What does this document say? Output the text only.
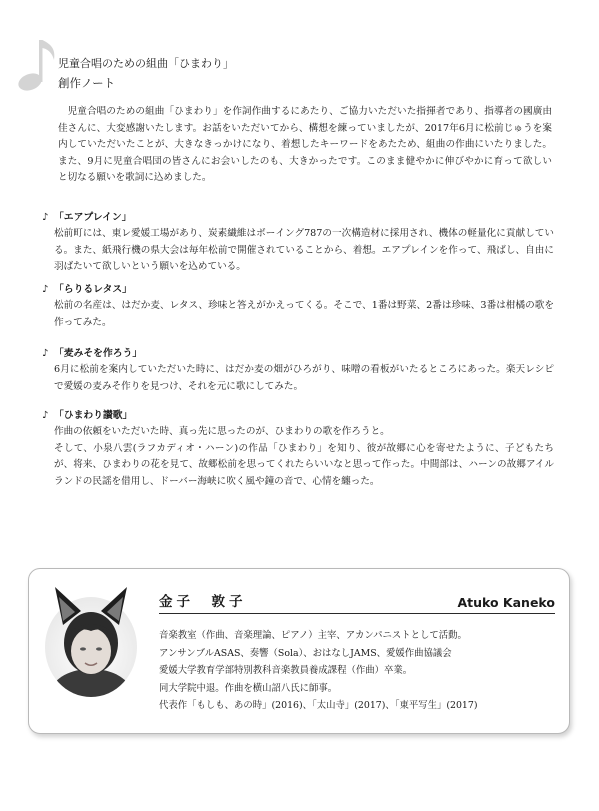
児童合唱のための組曲「ひまわり」
創作ノート
児童合唱のための組曲「ひまわり」を作詞作曲するにあたり、ご協力いただいた指揮者であり、指導者の國廣由佳さんに、大変感謝いたします。お話をいただいてから、構想を練っていましたが、2017年6月に松前じゅうを案内していただいたことが、大きなきっかけになり、着想したキーワードをあたため、組曲の作曲にいたりました。また、9月に児童合唱団の皆さんにお会いしたのも、大きかったです。このまま健やかに伸びやかに育って欲しいと切なる願いを歌詞に込めました。
♪ 「エアプレイン」

松前町には、東レ愛媛工場があり、炭素繊維はボーイング787の一次構造材に採用され、機体の軽量化に貢献している。また、紙飛行機の県大会は毎年松前で開催されていることから、着想。エアプレインを作って、飛ばし、自由に羽ばたいて欲しいという願いを込めている。

♪ 「らりるレタス」

松前の名産は、はだか麦、レタス、珍味と答えがかえってくる。そこで、1番は野菜、2番は珍味、3番は柑橘の歌を作ってみた。

♪ 「麦みそを作ろう」

6月に松前を案内していただいた時に、はだか麦の畑がひろがり、味噌の看板がいたるところにあった。楽天レシピで愛媛の麦みそ作りを見つけ、それを元に歌にしてみた。

♪ 「ひまわり讃歌」

作曲の依頼をいただいた時、真っ先に思ったのが、ひまわりの歌を作ろうと。

そして、小泉八雲(ラフカディオ・ハーン)の作品「ひまわり」を知り、彼が故郷に心を寄せたように、子どもたちが、将来、ひまわりの花を見て、故郷松前を思ってくれたらいいなと思って作った。中間部は、ハーンの故郷アイルランドの民謡を借用し、ドーバー海峡に吹く風や鐘の音で、心情を纏った。

金子　敦子	Atuko Kaneko
音楽教室（作曲、音楽理論、ピアノ）主宰、アカンパニストとして活動。
アンサンブルASAS、奏響（Sola）、おはなしJAMS、愛媛作曲協議会
愛媛大学教育学部特別教科音楽教員養成課程（作曲）卒業。
同大学院中退。作曲を横山詔八氏に師事。
代表作「もしも、あの時」(2016)、「太山寺」(2017)、「東平写生」(2017)
